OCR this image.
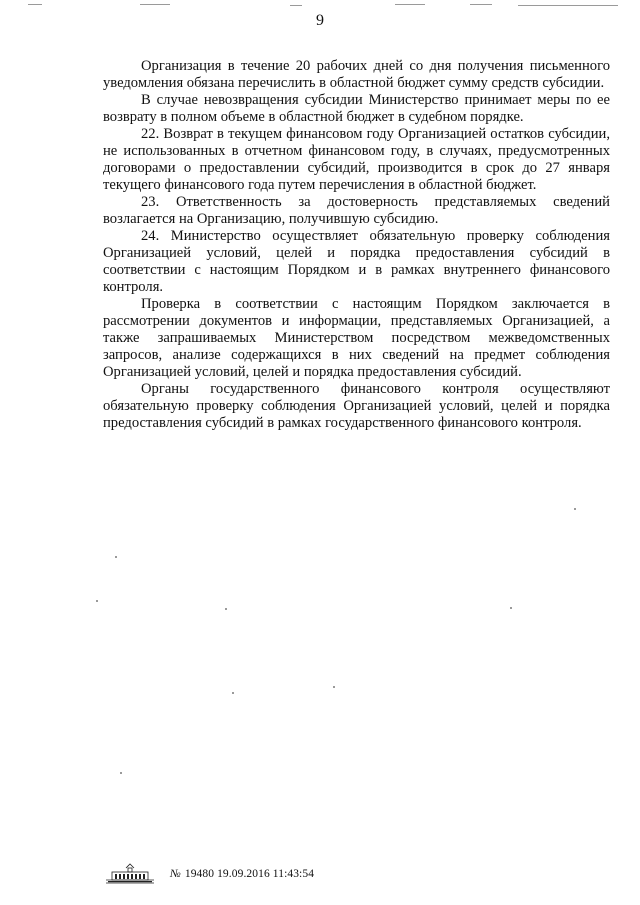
9

Организация в течение 20 рабочих дней со дня получения письменного уведомления обязана перечислить в областной бюджет сумму средств субсидии.

В случае невозвращения субсидии Министерство принимает меры по ее возврату в полном объеме в областной бюджет в судебном порядке.

22. Возврат в текущем финансовом году Организацией остатков субсидии, не использованных в отчетном финансовом году, в случаях, предусмотренных договорами о предоставлении субсидий, производится в срок до 27 января текущего финансового года путем перечисления в областной бюджет.

23. Ответственность за достоверность представляемых сведений возлагается на Организацию, получившую субсидию.

24. Министерство осуществляет обязательную проверку соблюдения Организацией условий, целей и порядка предоставления субсидий в соответствии с настоящим Порядком и в рамках внутреннего финансового контроля.

Проверка в соответствии с настоящим Порядком заключается в рассмотрении документов и информации, представляемых Организацией, а также запрашиваемых Министерством посредством межведомственных запросов, анализе содержащихся в них сведений на предмет соблюдения Организацией условий, целей и порядка предоставления субсидий.

Органы государственного финансового контроля осуществляют обязательную проверку соблюдения Организацией условий, целей и порядка предоставления субсидий в рамках государственного финансового контроля.

№ 19480 19.09.2016 11:43:54
